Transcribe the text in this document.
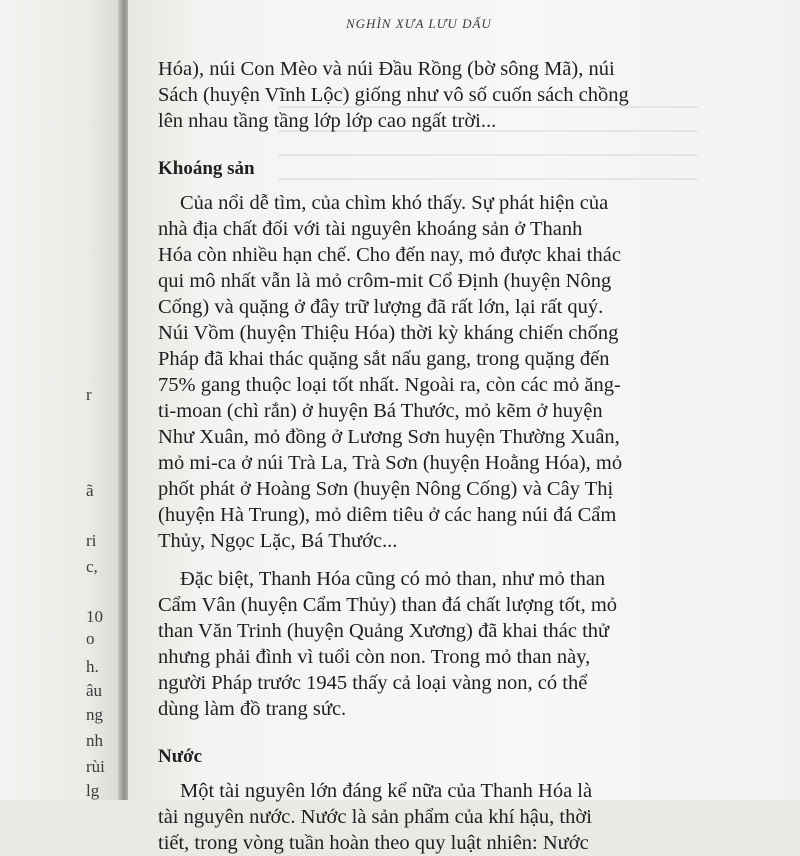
r
ã
ri
c,
10
o
h.
âu
ng
nh
rùi
lg
NGHÌN XƯA LƯU DẤU
Hóa), núi Con Mèo và núi Đầu Rồng (bờ sông Mã), núi
Sách (huyện Vĩnh Lộc) giống như vô số cuốn sách chồng
lên nhau tầng tầng lớp lớp cao ngất trời...
Khoáng sản
Của nổi dễ tìm, của chìm khó thấy. Sự phát hiện của
nhà địa chất đối với tài nguyên khoáng sản ở Thanh
Hóa còn nhiều hạn chế. Cho đến nay, mỏ được khai thác
qui mô nhất vẫn là mỏ crôm-mit Cổ Định (huyện Nông
Cống) và quặng ở đây trữ lượng đã rất lớn, lại rất quý.
Núi Vồm (huyện Thiệu Hóa) thời kỳ kháng chiến chống
Pháp đã khai thác quặng sắt nấu gang, trong quặng đến
75% gang thuộc loại tốt nhất. Ngoài ra, còn các mỏ ăng-
ti-moan (chì rắn) ở huyện Bá Thước, mỏ kẽm ở huyện
Như Xuân, mỏ đồng ở Lương Sơn huyện Thường Xuân,
mỏ mi-ca ở núi Trà La, Trà Sơn (huyện Hoằng Hóa), mỏ
phốt phát ở Hoàng Sơn (huyện Nông Cống) và Cây Thị
(huyện Hà Trung), mỏ diêm tiêu ở các hang núi đá Cẩm
Thủy, Ngọc Lặc, Bá Thước...
Đặc biệt, Thanh Hóa cũng có mỏ than, như mỏ than
Cẩm Vân (huyện Cẩm Thủy) than đá chất lượng tốt, mỏ
than Văn Trinh (huyện Quảng Xương) đã khai thác thử
nhưng phải đình vì tuổi còn non. Trong mỏ than này,
người Pháp trước 1945 thấy cả loại vàng non, có thể
dùng làm đồ trang sức.
Nước
Một tài nguyên lớn đáng kể nữa của Thanh Hóa là
tài nguyên nước. Nước là sản phẩm của khí hậu, thời
tiết, trong vòng tuần hoàn theo quy luật nhiên: Nước
